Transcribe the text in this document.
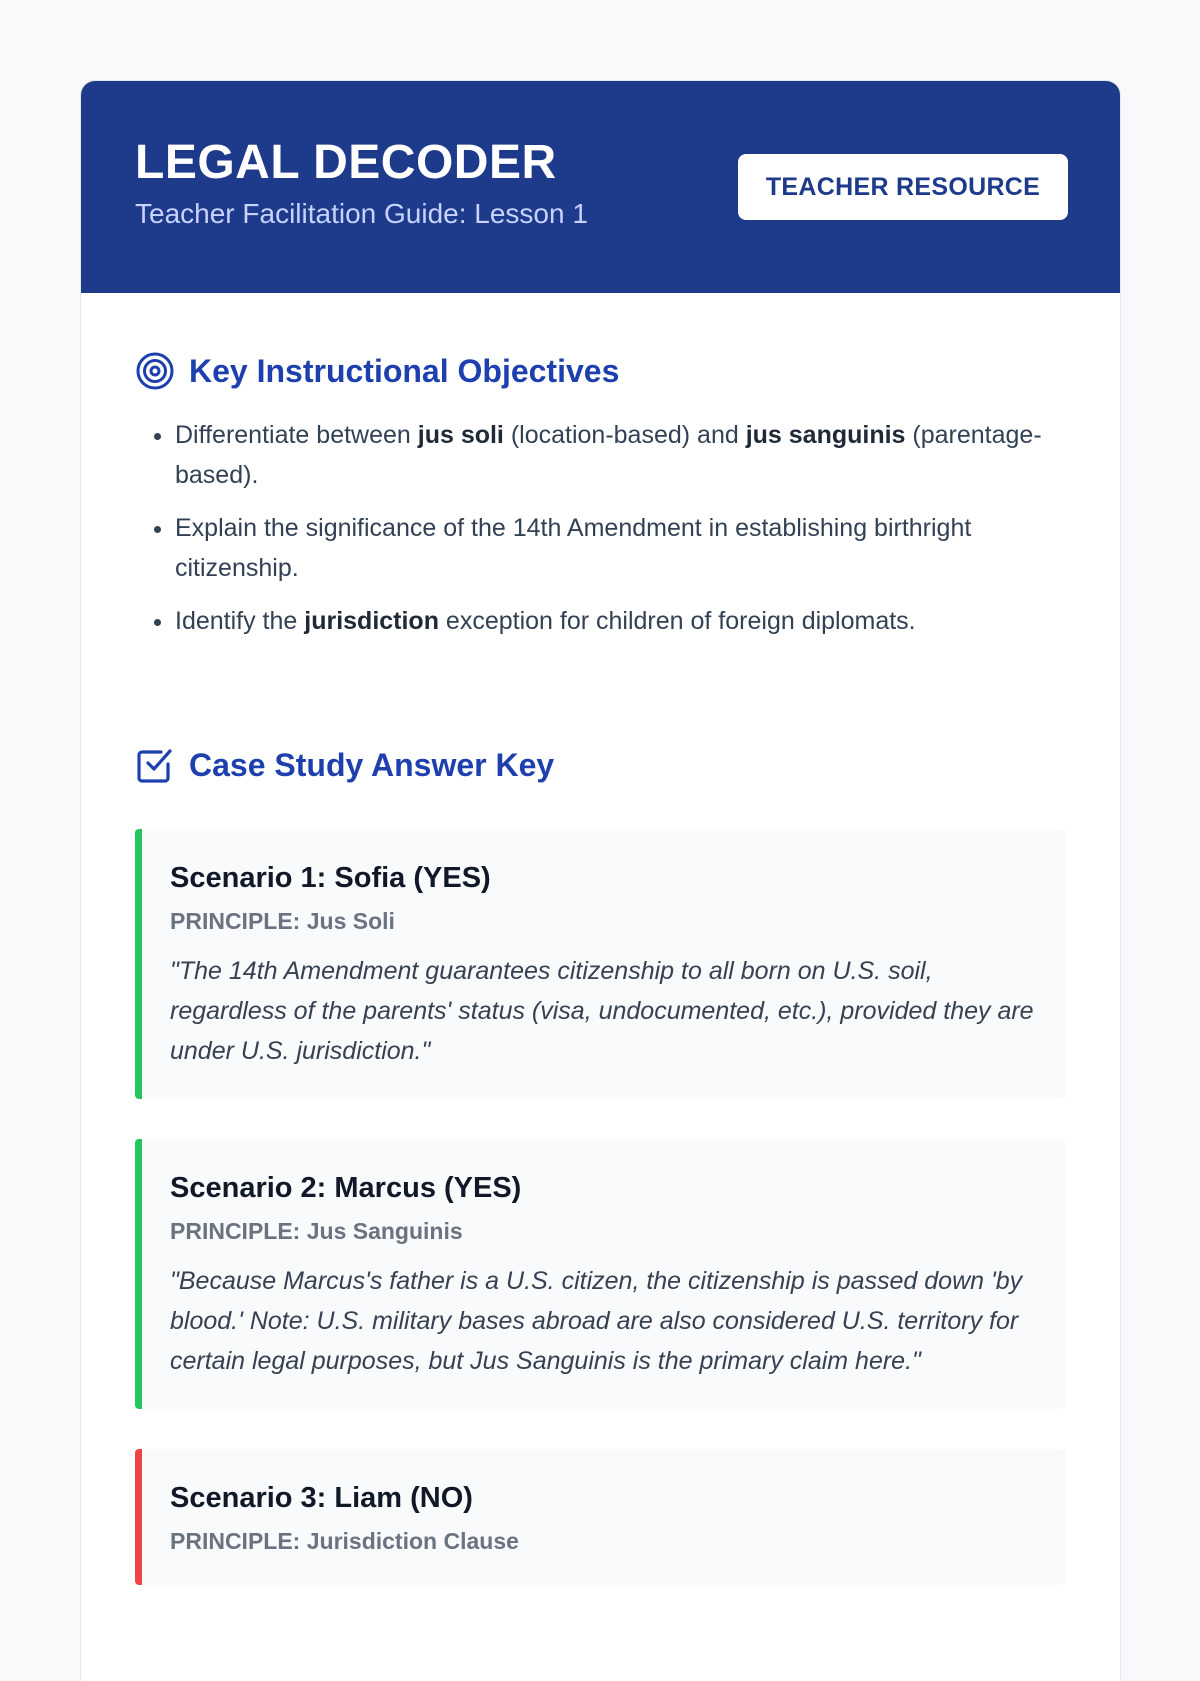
LEGAL DECODER

Teacher Facilitation Guide: Lesson 1

TEACHER RESOURCE
Key Instructional Objectives
• Differentiate between jus soli (location-based) and jus sanguinis (parentage-based).
• Explain the significance of the 14th Amendment in establishing birthright citizenship.
• Identify the jurisdiction exception for children of foreign diplomats.
Case Study Answer Key
Scenario 1: Sofia (YES)

PRINCIPLE: Jus Soli

"The 14th Amendment guarantees citizenship to all born on U.S. soil, regardless of the parents' status (visa, undocumented, etc.), provided they are under U.S. jurisdiction."

Scenario 2: Marcus (YES)

PRINCIPLE: Jus Sanguinis

"Because Marcus's father is a U.S. citizen, the citizenship is passed down 'by blood.' Note: U.S. military bases abroad are also considered U.S. territory for certain legal purposes, but Jus Sanguinis is the primary claim here."

Scenario 3: Liam (NO)

PRINCIPLE: Jurisdiction Clause
